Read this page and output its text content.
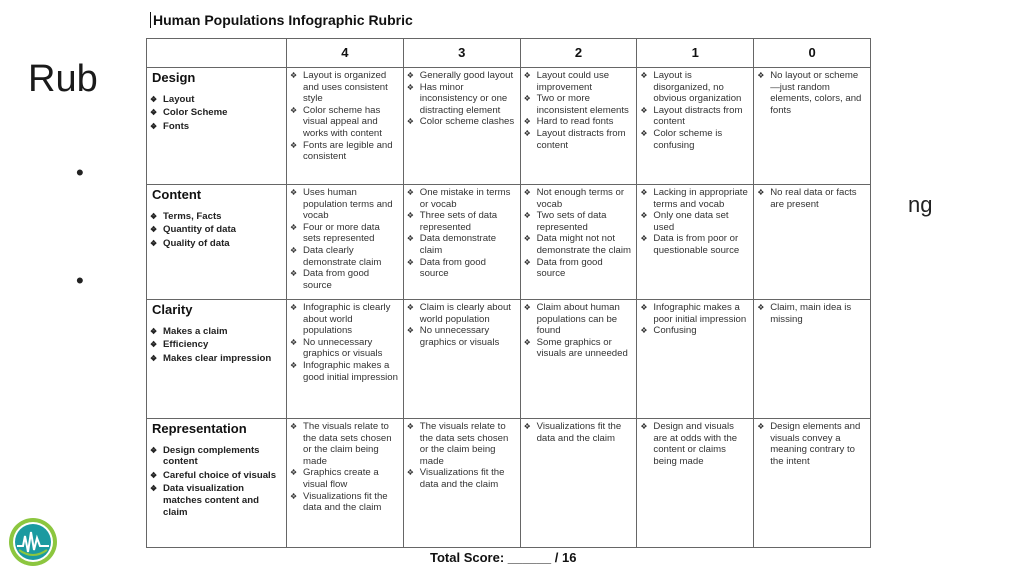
Rub
•
•
ng
Human Populations Infographic Rubric
	4	3	2	1	0

Design
❖ Layout
❖ Color Scheme
❖ Fonts	❖ Layout is organized and uses consistent style
❖ Color scheme has visual appeal and works with content
❖ Fonts are legible and consistent	❖ Generally good layout
❖ Has minor inconsistency or one distracting element
❖ Color scheme clashes	❖ Layout could use improvement
❖ Two or more inconsistent elements
❖ Hard to read fonts
❖ Layout distracts from content	❖ Layout is disorganized, no obvious organization
❖ Layout distracts from content
❖ Color scheme is confusing	❖ No layout or scheme—just random elements, colors, and fonts

Content
❖ Terms, Facts
❖ Quantity of data
❖ Quality of data	❖ Uses human population terms and vocab
❖ Four or more data sets represented
❖ Data clearly demonstrate claim
❖ Data from good source	❖ One mistake in terms or vocab
❖ Three sets of data represented
❖ Data demonstrate claim
❖ Data from good source	❖ Not enough terms or vocab
❖ Two sets of data represented
❖ Data might not not demonstrate the claim
❖ Data from good source	❖ Lacking in appropriate terms and vocab
❖ Only one data set used
❖ Data is from poor or questionable source	❖ No real data or facts are present

Clarity
❖ Makes a claim
❖ Efficiency
❖ Makes clear impression	❖ Infographic is clearly about world populations
❖ No unnecessary graphics or visuals
❖ Infographic makes a good initial impression	❖ Claim is clearly about world population
❖ No unnecessary graphics or visuals	❖ Claim about human populations can be found
❖ Some graphics or visuals are unneeded	❖ Infographic makes a poor initial impression
❖ Confusing	❖ Claim, main idea is missing

Representation
❖ Design complements content
❖ Careful choice of visuals
❖ Data visualization matches content and claim	❖ The visuals relate to the data sets chosen or the claim being made
❖ Graphics create a visual flow
❖ Visualizations fit the data and the claim	❖ The visuals relate to the data sets chosen or the claim being made
❖ Visualizations fit the data and the claim	❖ Visualizations fit the data and the claim	❖ Design and visuals are at odds with the content or claims being made	❖ Design elements and visuals convey a meaning contrary to the intent
Total Score: ______ / 16
